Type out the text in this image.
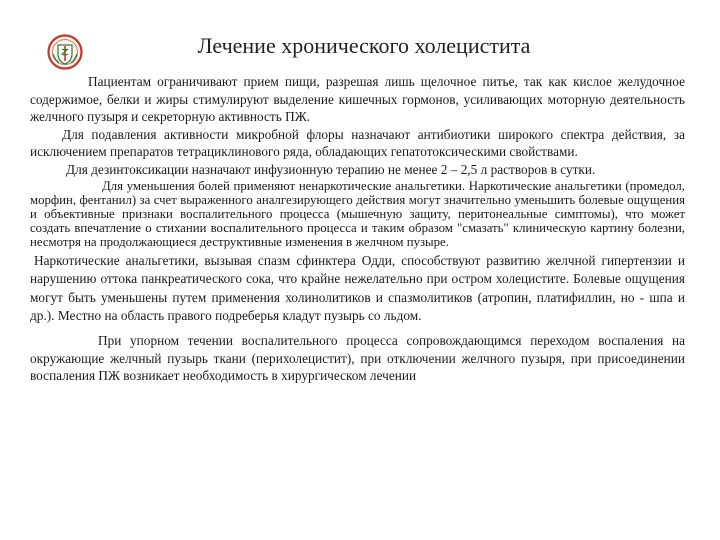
Лечение хронического холецистита

Пациентам ограничивают прием пищи, разрешая лишь щелочное питье, так как кислое желудочное содержимое, белки и жиры стимулируют выделение кишечных гормонов, усиливающих моторную деятельность желчного пузыря и секреторную активность ПЖ.

Для подавления активности микробной флоры назначают антибиотики широкого спектра действия, за исключением препаратов тетрациклинового ряда, обладающих гепатотоксическими свойствами.

Для дезинтоксикации назначают инфузионную терапию не менее 2 – 2,5 л растворов в сутки.

Для уменьшения болей применяют ненаркотические анальгетики. Наркотические анальгетики (промедол, морфин, фентанил) за счет выраженного аналгезирующего действия могут значительно уменьшить болевые ощущения и объективные признаки воспалительного процесса (мышечную защиту, перитонеальные симптомы), что может создать впечатление о стихании воспалительного процесса и таким образом "смазать" клиническую картину болезни, несмотря на продолжающиеся деструктивные изменения в желчном пузыре.

Наркотические анальгетики, вызывая спазм сфинктера Одди, способствуют развитию желчной гипертензии и нарушению оттока панкреатического сока, что крайне нежелательно при остром холецистите. Болевые ощущения могут быть уменьшены путем применения холинолитиков и спазмолитиков (атропин, платифиллин, но - шпа и др.). Местно на область правого подреберья кладут пузырь со льдом.

При упорном течении воспалительного процесса сопровождающимся переходом воспаления на окружающие желчный пузырь ткани (перихолецистит), при отключении желчного пузыря, при присоединении воспаления ПЖ возникает необходимость в хирургическом лечении
